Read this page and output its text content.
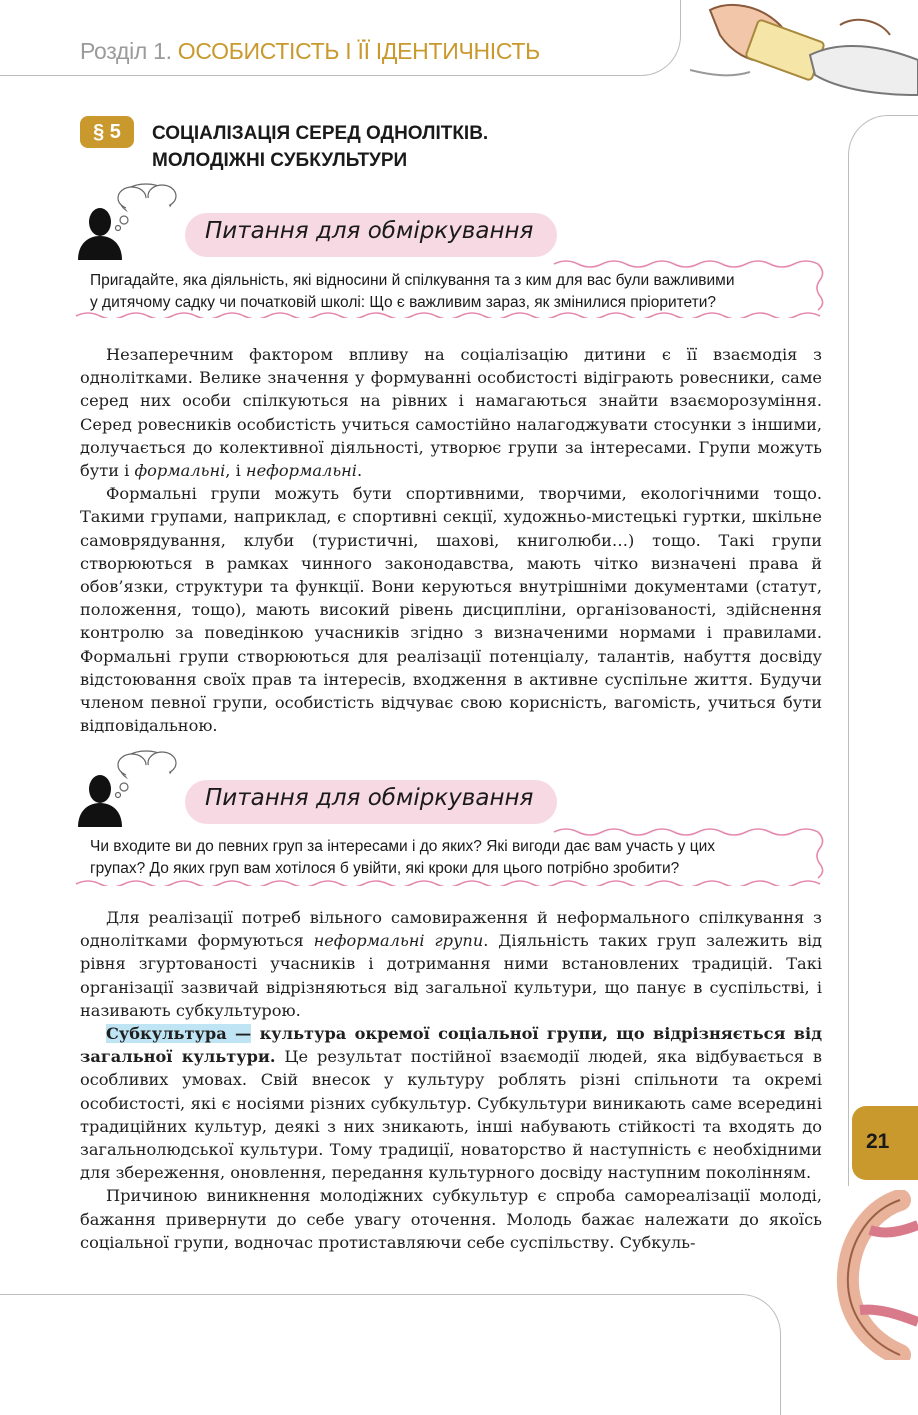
Розділ 1. ОСОБИСТІСТЬ І ЇЇ ІДЕНТИЧНІСТЬ
§ 5	СОЦІАЛІЗАЦІЯ СЕРЕД ОДНОЛІТКІВ.
МОЛОДІЖНІ СУБКУЛЬТУРИ
Питання для обміркування
Пригадайте, яка діяльність, які відносини й спілкування та з ким для вас були важливими
у дитячому садку чи початковій школі: Що є важливим зараз, як змінилися пріоритети?

Незаперечним фактором впливу на соціалізацію дитини є її взаємодія з однолітками. Велике значення у формуванні особистості відіграють ровесники, саме серед них особи спілкуються на рівних і намагаються знайти взаєморозуміння. Серед ровесників особистість учиться самостійно налагоджувати стосунки з іншими, долучається до колективної діяльності, утворює групи за інтересами. Групи можуть бути і формальні, і неформальні.

Формальні групи можуть бути спортивними, творчими, екологічними тощо. Такими групами, наприклад, є спортивні секції, художньо-мистецькі гуртки, шкільне самоврядування, клуби (туристичні, шахові, книголюби…) тощо. Такі групи створюються в рамках чинного законодавства, мають чітко визначені права й обов’язки, структури та функції. Вони керуються внутрішніми документами (статут, положення, тощо), мають високий рівень дисципліни, організованості, здійснення контролю за поведінкою учасників згідно з визначеними нормами і правилами. Формальні групи створюються для реалізації потенціалу, талантів, набуття досвіду відстоювання своїх прав та інтересів, входження в активне суспільне життя. Будучи членом певної групи, особистість відчуває свою корисність, вагомість, учиться бути відповідальною.

Питання для обміркування
Чи входите ви до певних груп за інтересами і до яких? Які вигоди дає вам участь у цих
групах? До яких груп вам хотілося б увійти, які кроки для цього потрібно зробити?

Для реалізації потреб вільного самовираження й неформального спілкування з однолітками формуються неформальні групи. Діяльність таких груп залежить від рівня згуртованості учасників і дотримання ними встановлених традицій. Такі організації зазвичай відрізняються від загальної культури, що панує в суспільстві, і називають субкультурою.

Субкультура — культура окремої соціальної групи, що відрізняється від загальної культури. Це результат постійної взаємодії людей, яка відбувається в особливих умовах. Свій внесок у культуру роблять різні спільноти та окремі особистості, які є носіями різних субкультур. Субкультури виникають саме всередині традиційних культур, деякі з них зникають, інші набувають стійкості та входять до загальнолюдської культури. Тому традиції, новаторство й наступність є необхідними для збереження, оновлення, передання культурного досвіду наступним поколінням.

Причиною виникнення молодіжних субкультур є спроба самореалізації молоді, бажання привернути до себе увагу оточення. Молодь бажає належати до якоїсь соціальної групи, водночас протиставляючи себе суспільству. Субкуль-

21
